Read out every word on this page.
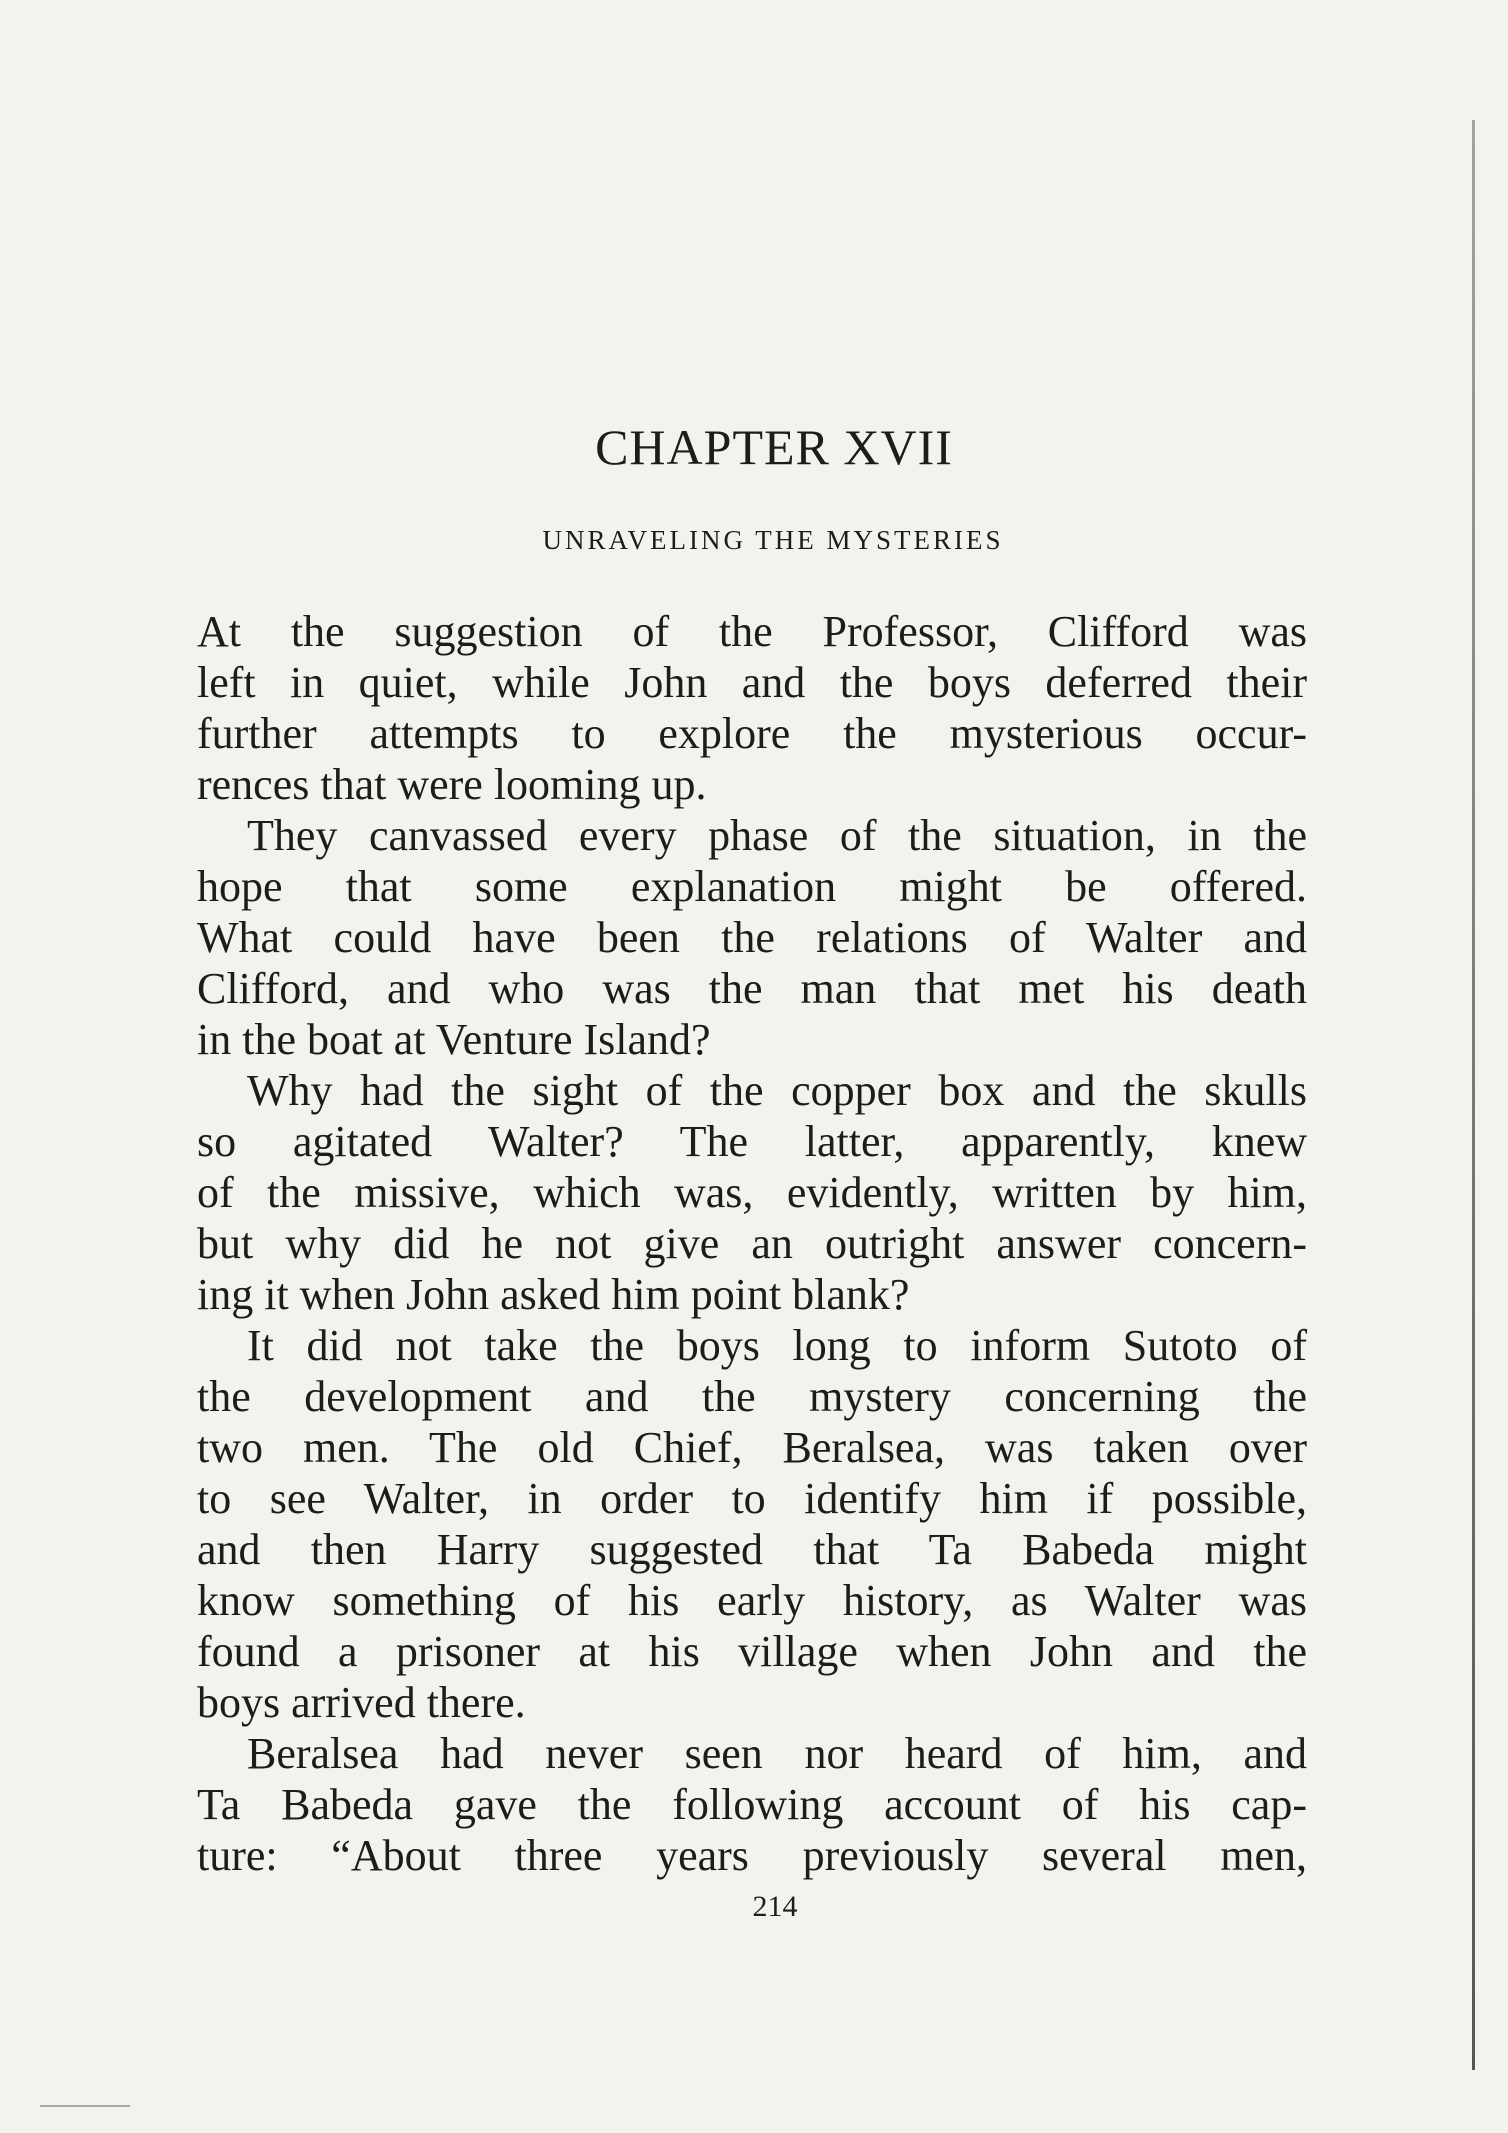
CHAPTER XVII
UNRAVELING THE MYSTERIES
At the suggestion of the Professor, Clifford was
left in quiet, while John and the boys deferred their
further attempts to explore the mysterious occur-
rences that were looming up.
They canvassed every phase of the situation, in the
hope that some explanation might be offered.
What could have been the relations of Walter and
Clifford, and who was the man that met his death
in the boat at Venture Island?
Why had the sight of the copper box and the skulls
so agitated Walter? The latter, apparently, knew
of the missive, which was, evidently, written by him,
but why did he not give an outright answer concern-
ing it when John asked him point blank?
It did not take the boys long to inform Sutoto of
the development and the mystery concerning the
two men. The old Chief, Beralsea, was taken over
to see Walter, in order to identify him if possible,
and then Harry suggested that Ta Babeda might
know something of his early history, as Walter was
found a prisoner at his village when John and the
boys arrived there.
Beralsea had never seen nor heard of him, and
Ta Babeda gave the following account of his cap-
ture: “About three years previously several men,
214
